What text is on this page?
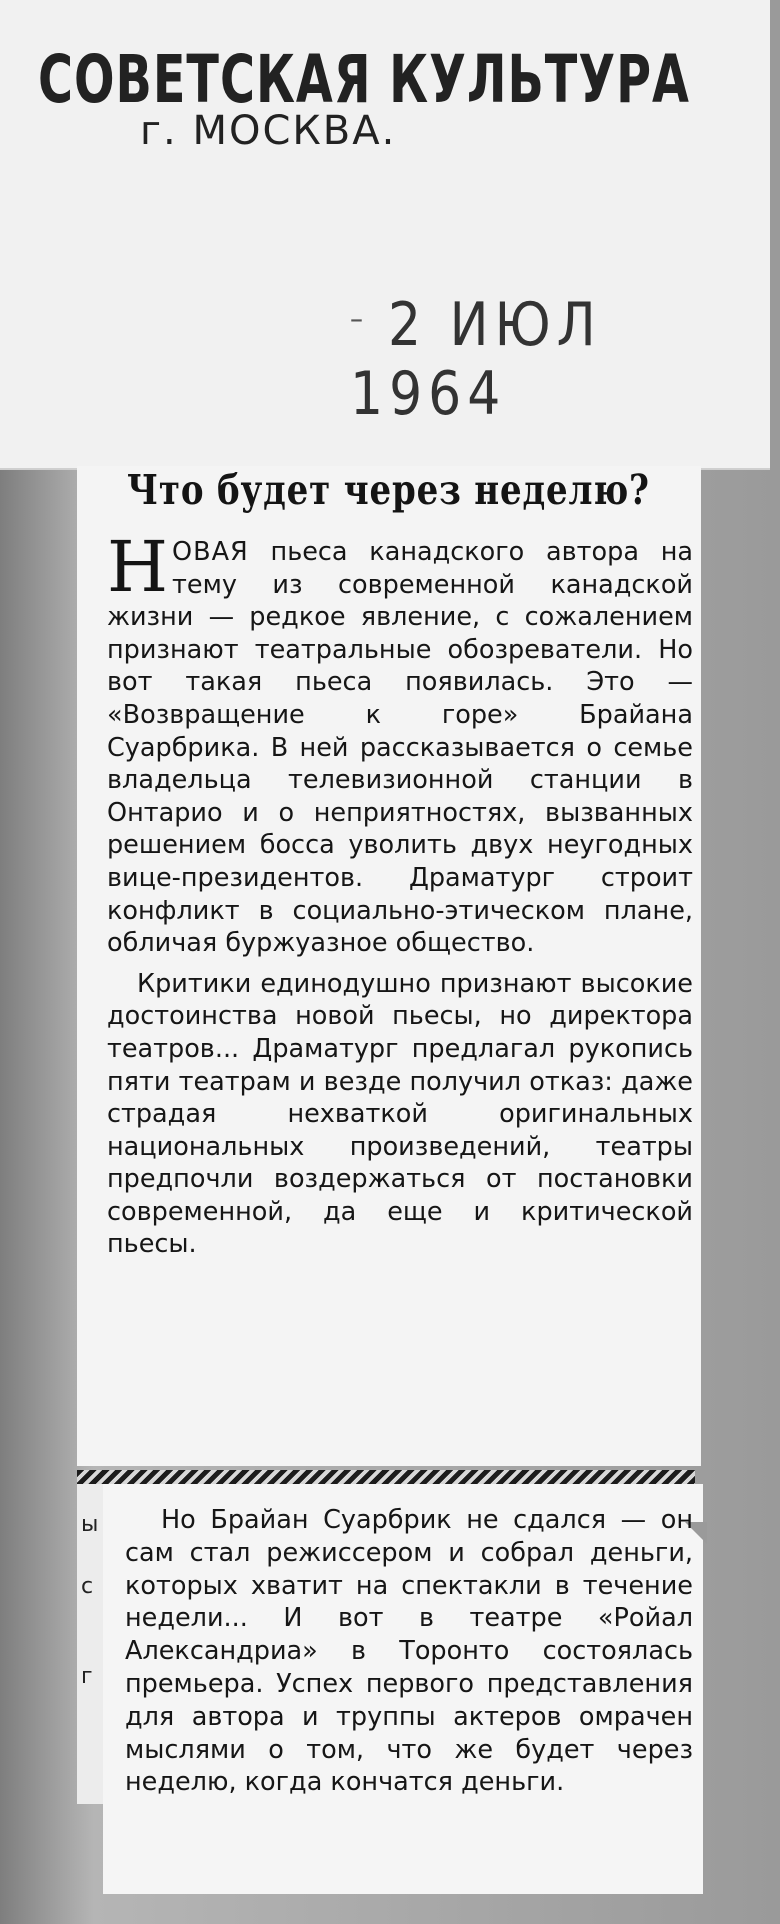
СОВЕТСКАЯ КУЛЬТУРА
г. МОСКВА.
– 2 ИЮЛ 1964
Что будет через неделю?

НОВАЯ пьеса канадского автора на тему из современной канадской жизни — редкое явление, с сожалением признают театральные обозреватели. Но вот такая пьеса появилась. Это — «Возвращение к горе» Брайана Суарбрика. В ней рассказывается о семье владельца телевизионной станции в Онтарио и о неприятностях, вызванных решением босса уволить двух неугодных вице-президентов. Драматург строит конфликт в социально-этическом плане, обличая буржуазное общество.

Критики единодушно признают высокие достоинства новой пьесы, но директора театров... Драматург предлагал рукопись пяти театрам и везде получил отказ: даже страдая нехваткой оригинальных национальных произведений, театры предпочли воздержаться от постановки современной, да еще и критической пьесы.

ы
с
г

Но Брайан Суарбрик не сдался — он сам стал режиссером и собрал деньги, которых хватит на спектакли в течение недели... И вот в театре «Ройал Александриа» в Торонто состоялась премьера. Успех первого представления для автора и труппы актеров омрачен мыслями о том, что же будет через неделю, когда кончатся деньги.
